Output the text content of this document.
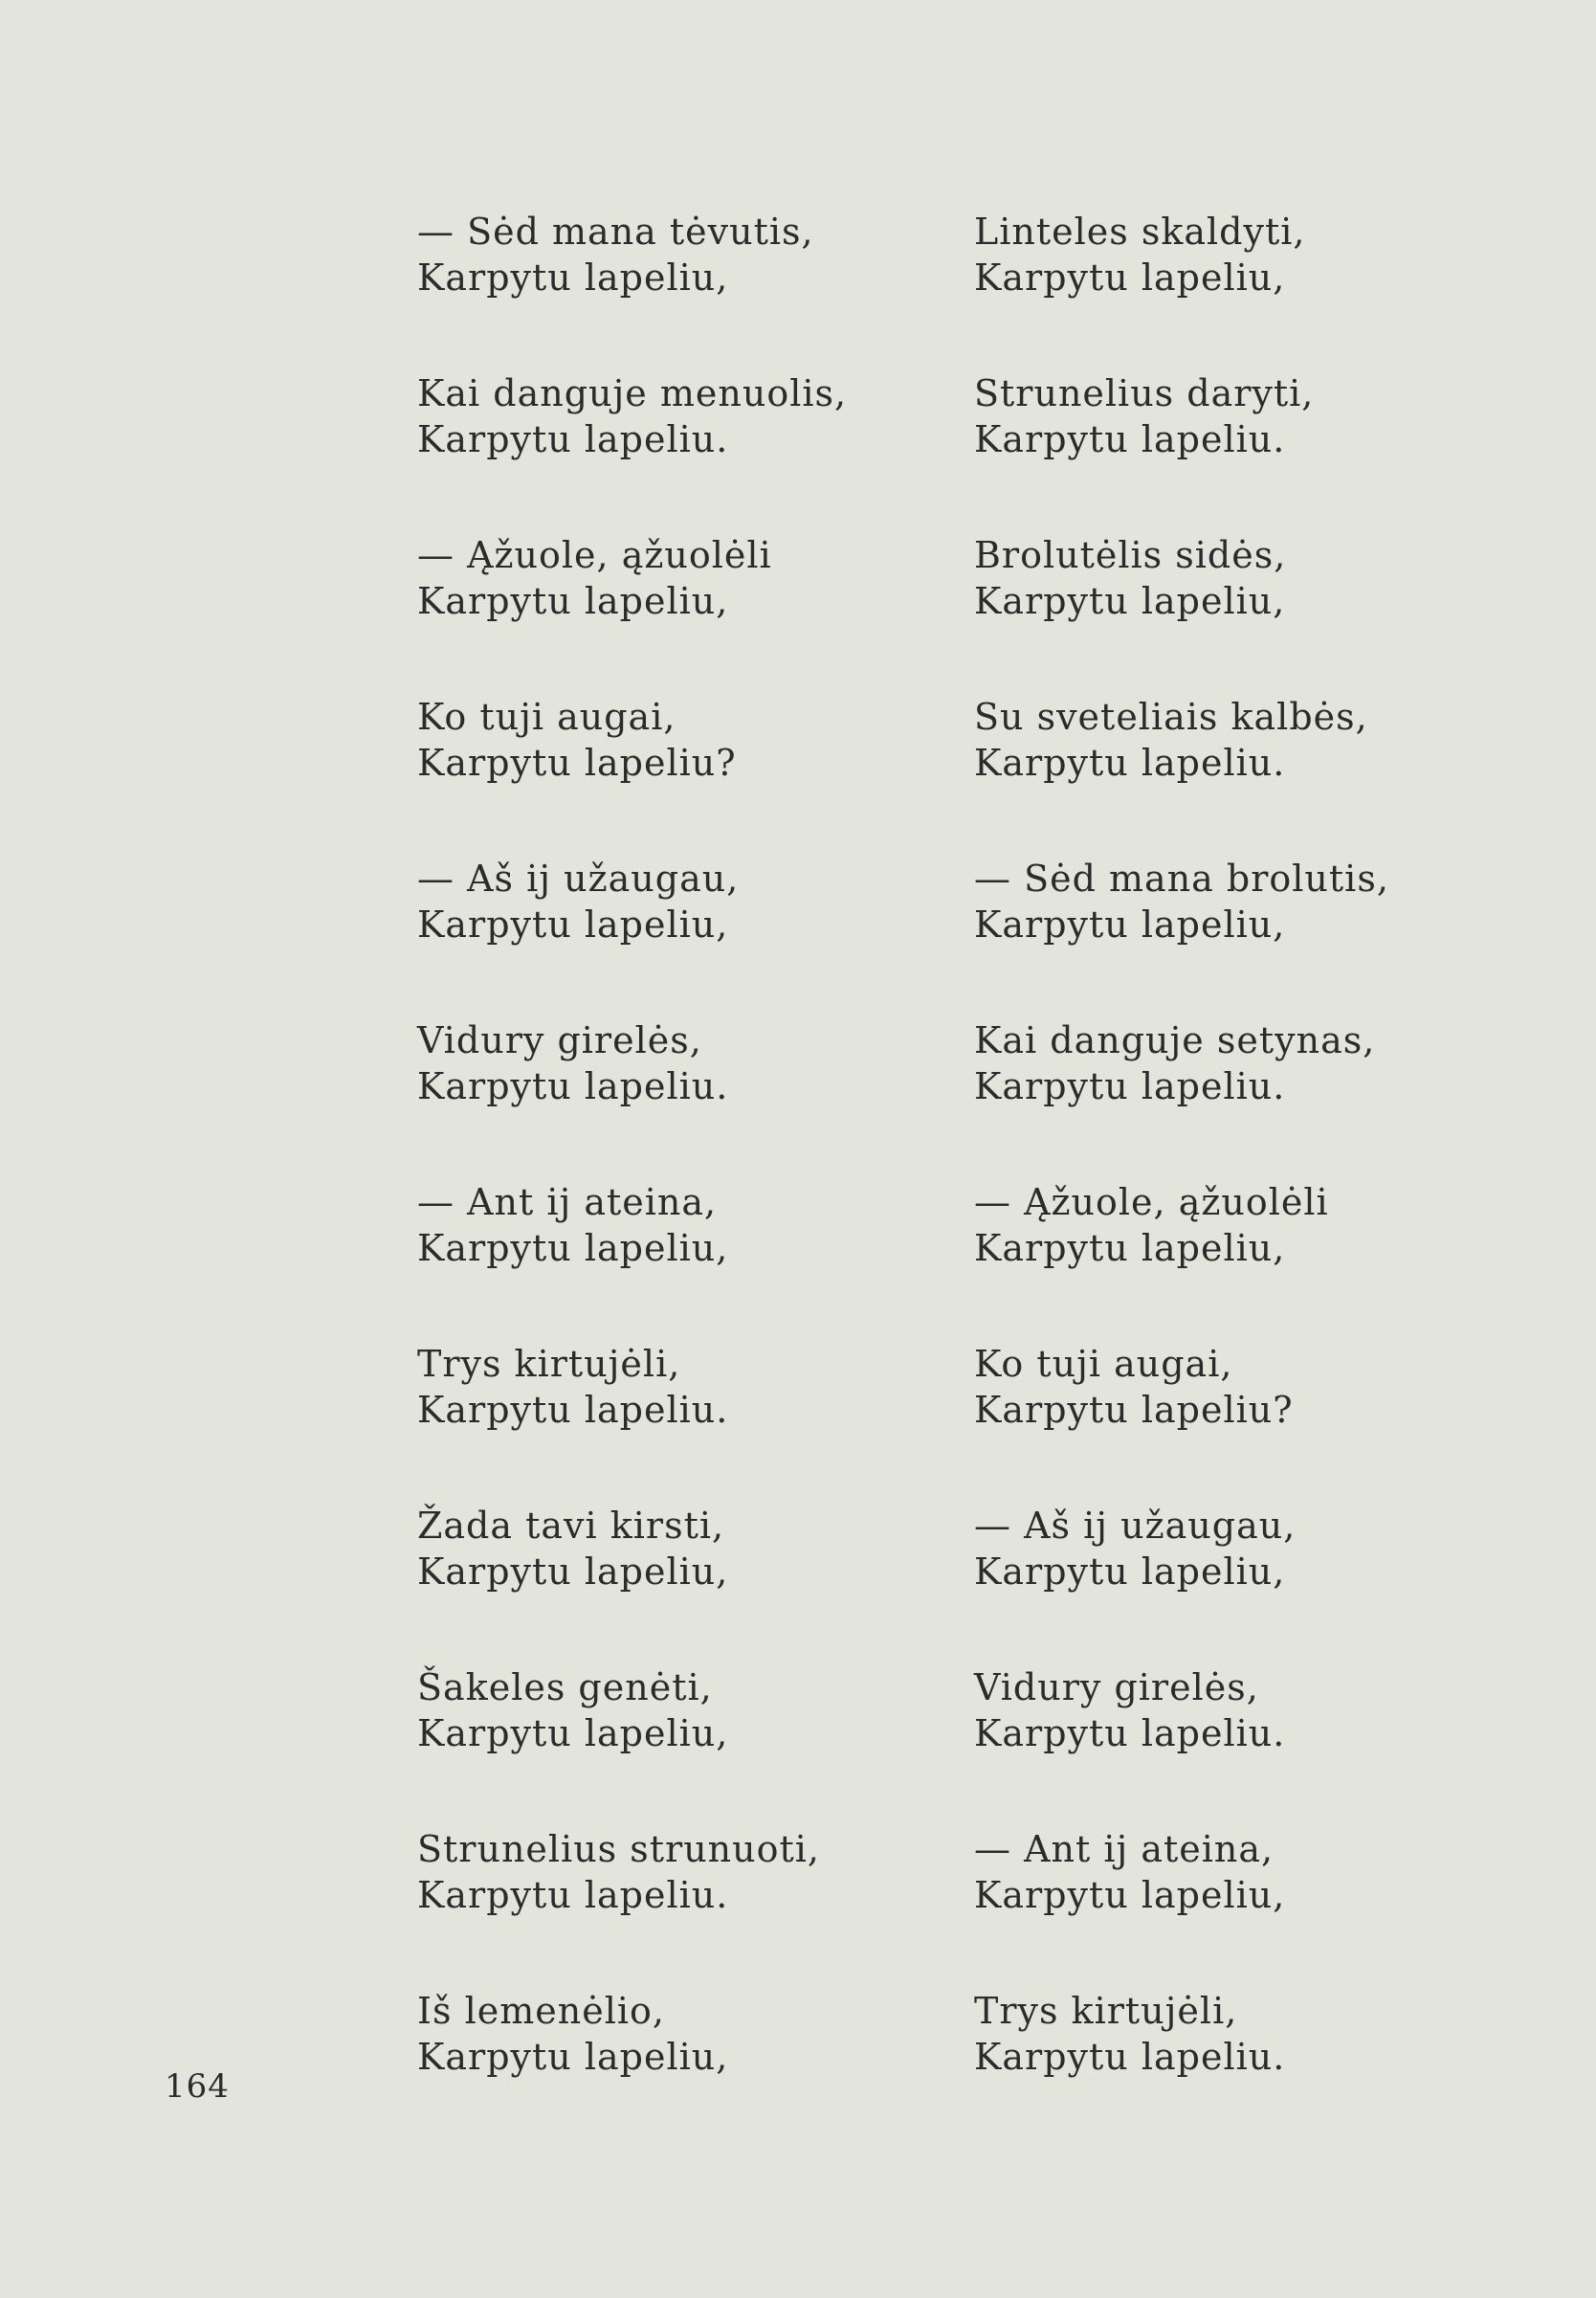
— Sėd mana tėvutis,
Karpytu lapeliu,
Kai danguje menuolis,
Karpytu lapeliu.
— Ąžuole, ąžuolėli
Karpytu lapeliu,
Ko tuji augai,
Karpytu lapeliu?
— Aš ij užaugau,
Karpytu lapeliu,
Vidury girelės,
Karpytu lapeliu.
— Ant ij ateina,
Karpytu lapeliu,
Trys kirtujėli,
Karpytu lapeliu.
Žada tavi kirsti,
Karpytu lapeliu,
Šakeles genėti,
Karpytu lapeliu,
Strunelius strunuoti,
Karpytu lapeliu.
Iš lemenėlio,
Karpytu lapeliu,
Linteles skaldyti,
Karpytu lapeliu,
Strunelius daryti,
Karpytu lapeliu.
Brolutėlis sidės,
Karpytu lapeliu,
Su sveteliais kalbės,
Karpytu lapeliu.
— Sėd mana brolutis,
Karpytu lapeliu,
Kai danguje setynas,
Karpytu lapeliu.
— Ąžuole, ąžuolėli
Karpytu lapeliu,
Ko tuji augai,
Karpytu lapeliu?
— Aš ij užaugau,
Karpytu lapeliu,
Vidury girelės,
Karpytu lapeliu.
— Ant ij ateina,
Karpytu lapeliu,
Trys kirtujėli,
Karpytu lapeliu.
164
